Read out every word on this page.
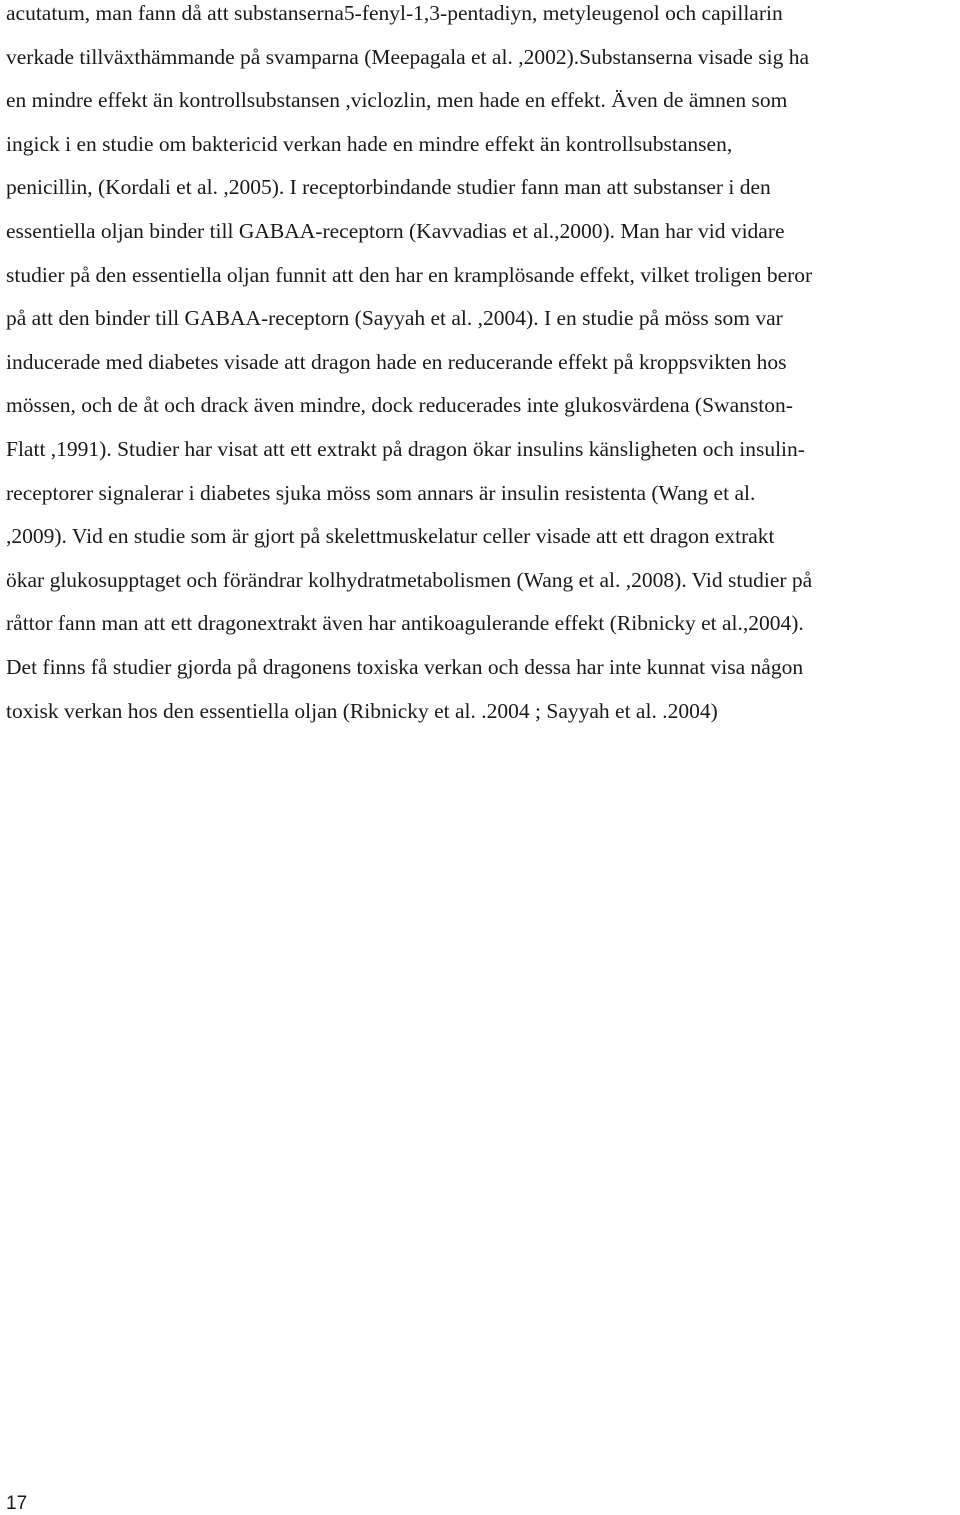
acutatum, man fann då att substanserna5-fenyl-1,3-pentadiyn, metyleugenol och capillarin
verkade tillväxthämmande på svamparna (Meepagala et al. ,2002).Substanserna visade sig ha
en mindre effekt än kontrollsubstansen ,viclozlin, men hade en effekt. Även de ämnen som
ingick i en studie om baktericid verkan hade en mindre effekt än kontrollsubstansen,
penicillin, (Kordali et al. ,2005). I receptorbindande studier fann man att substanser i den
essentiella oljan binder till GABAA-receptorn (Kavvadias et al.,2000). Man har vid vidare
studier på den essentiella oljan funnit att den har en kramplösande effekt, vilket troligen beror
på att den binder till GABAA-receptorn (Sayyah et al. ,2004). I en studie på möss som var
inducerade med diabetes visade att dragon hade en reducerande effekt på kroppsvikten hos
mössen, och de åt och drack även mindre, dock reducerades inte glukosvärdena (Swanston-
Flatt ,1991). Studier har visat att ett extrakt på dragon ökar insulins känsligheten och insulin-
receptorer signalerar i diabetes sjuka möss som annars är insulin resistenta (Wang et al.
,2009). Vid en studie som är gjort på skelettmuskelatur celler visade att ett dragon extrakt
ökar glukosupptaget och förändrar kolhydratmetabolismen (Wang et al. ,2008). Vid studier på
råttor fann man att ett dragonextrakt även har antikoagulerande effekt (Ribnicky et al.,2004).
Det finns få studier gjorda på dragonens toxiska verkan och dessa har inte kunnat visa någon
toxisk verkan hos den essentiella oljan (Ribnicky et al. .2004 ; Sayyah et al. .2004)
17
